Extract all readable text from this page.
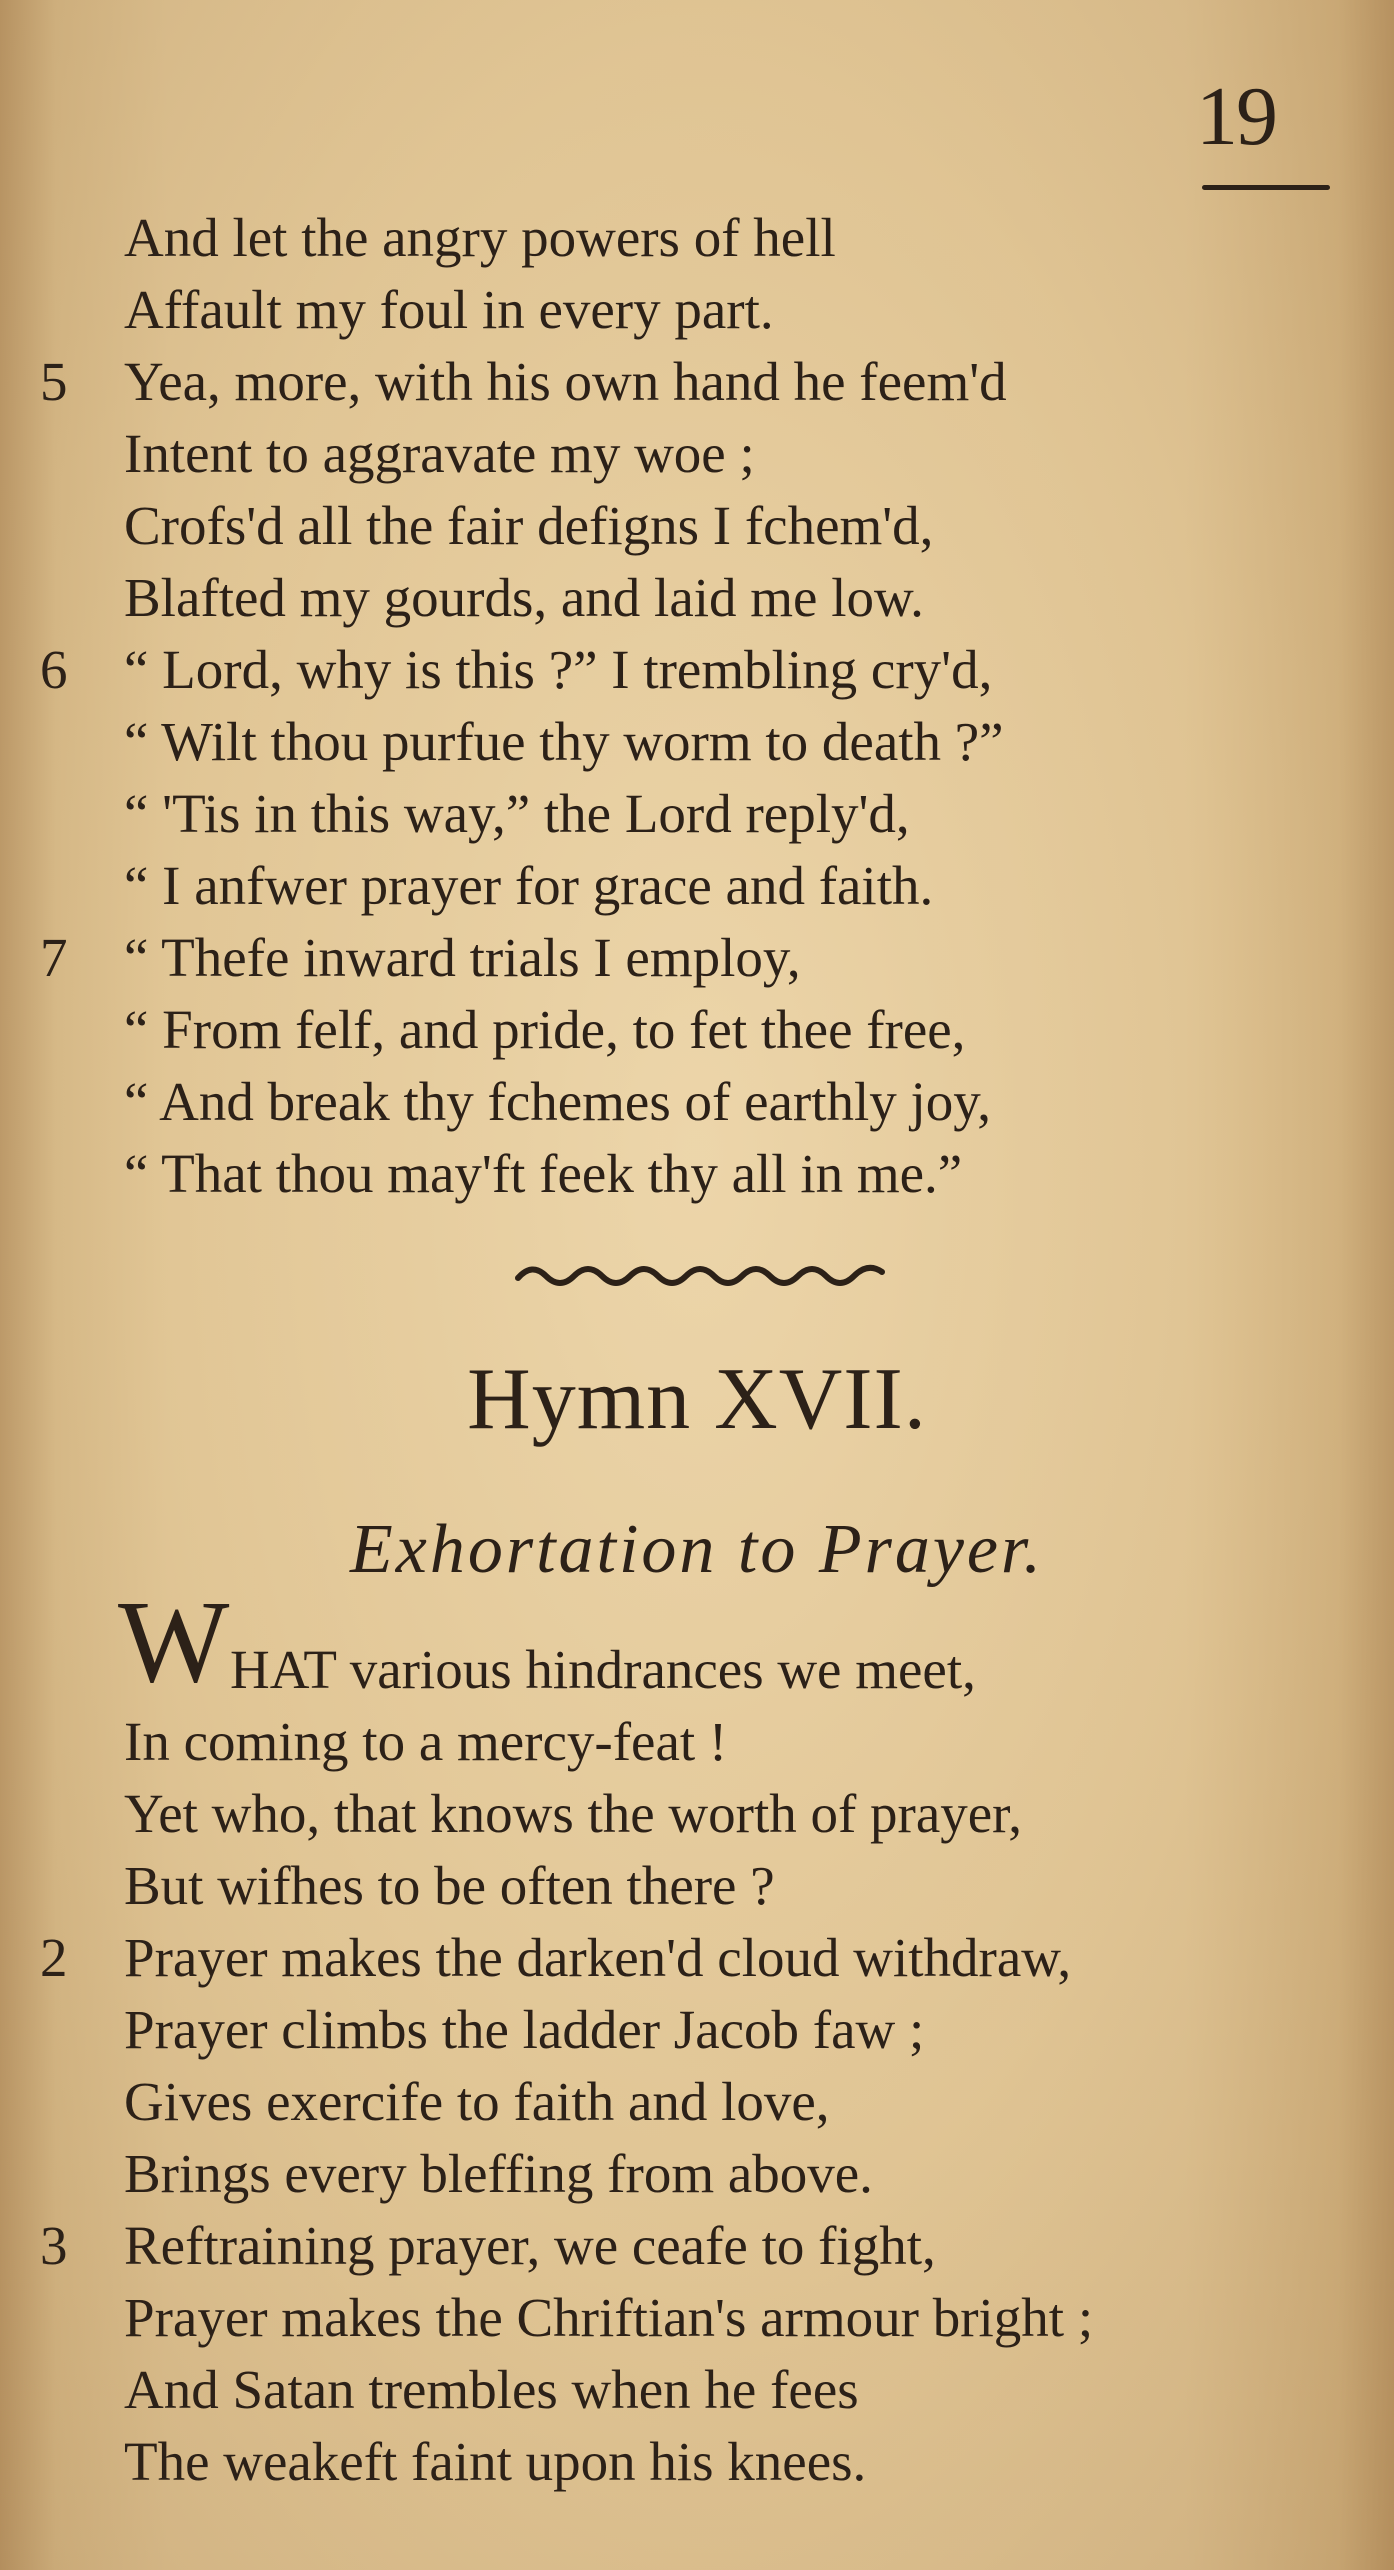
19
And let the angry powers of hell
Affault my foul in every part.
5	Yea, more, with his own hand he feem'd
Intent to aggravate my woe ;
Crofs'd all the fair defigns I fchem'd,
Blafted my gourds, and laid me low.
6	“ Lord, why is this ?” I trembling cry'd,
“ Wilt thou purfue thy worm to death ?”
“ 'Tis in this way,” the Lord reply'd,
“ I anfwer prayer for grace and faith.
7	“ Thefe inward trials I employ,
“ From felf, and pride, to fet thee free,
“ And break thy fchemes of earthly joy,
“ That thou may'ft feek thy all in me.”
Hymn XVII.
Exhortation to Prayer.
W HAT various hindrances we meet,
In coming to a mercy-feat !
Yet who, that knows the worth of prayer,
But wifhes to be often there ?
2	Prayer makes the darken'd cloud withdraw,
Prayer climbs the ladder Jacob faw ;
Gives exercife to faith and love,
Brings every bleffing from above.
3	Reftraining prayer, we ceafe to fight,
Prayer makes the Chriftian's armour bright ;
And Satan trembles when he fees
The weakeft faint upon his knees.
